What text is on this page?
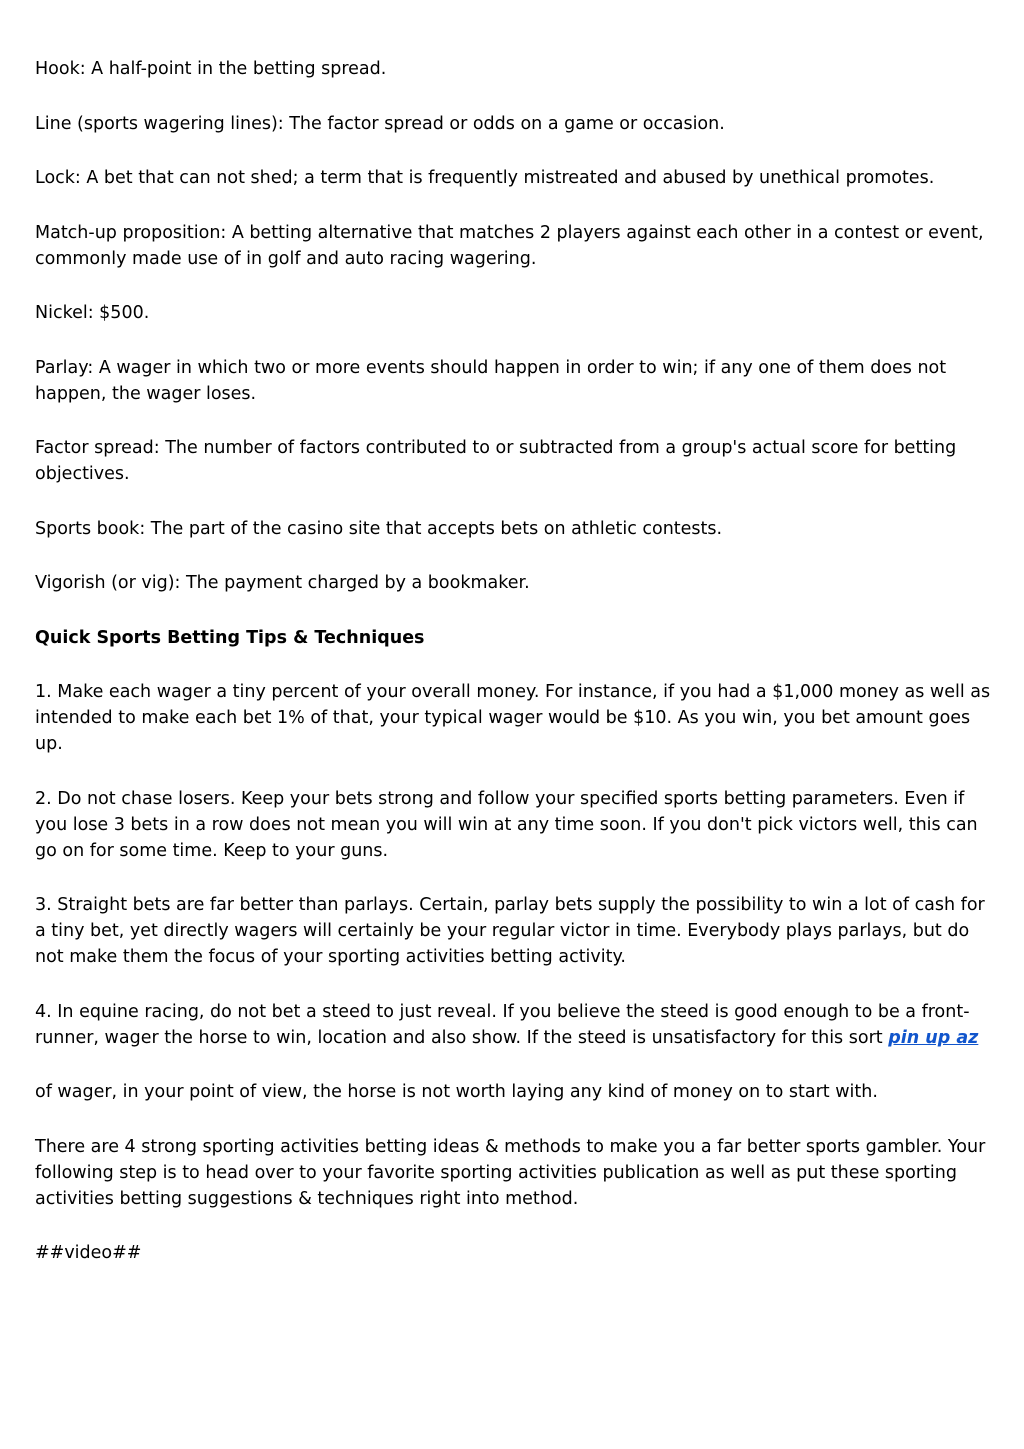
Hook: A half-point in the betting spread.

Line (sports wagering lines): The factor spread or odds on a game or occasion.

Lock: A bet that can not shed; a term that is frequently mistreated and abused by unethical promotes.

Match-up proposition: A betting alternative that matches 2 players against each other in a contest or event, commonly made use of in golf and auto racing wagering.

Nickel: $500.

Parlay: A wager in which two or more events should happen in order to win; if any one of them does not happen, the wager loses.

Factor spread: The number of factors contributed to or subtracted from a group's actual score for betting objectives.

Sports book: The part of the casino site that accepts bets on athletic contests.

Vigorish (or vig): The payment charged by a bookmaker.

Quick Sports Betting Tips & Techniques

1. Make each wager a tiny percent of your overall money. For instance, if you had a $1,000 money as well as intended to make each bet 1% of that, your typical wager would be $10. As you win, you bet amount goes up.

2. Do not chase losers. Keep your bets strong and follow your specified sports betting parameters. Even if you lose 3 bets in a row does not mean you will win at any time soon. If you don't pick victors well, this can go on for some time. Keep to your guns.

3. Straight bets are far better than parlays. Certain, parlay bets supply the possibility to win a lot of cash for a tiny bet, yet directly wagers will certainly be your regular victor in time. Everybody plays parlays, but do not make them the focus of your sporting activities betting activity.

4. In equine racing, do not bet a steed to just reveal. If you believe the steed is good enough to be a front-runner, wager the horse to win, location and also show. If the steed is unsatisfactory for this sort pin up az

of wager, in your point of view, the horse is not worth laying any kind of money on to start with.

There are 4 strong sporting activities betting ideas & methods to make you a far better sports gambler. Your following step is to head over to your favorite sporting activities publication as well as put these sporting activities betting suggestions & techniques right into method.

##video##
